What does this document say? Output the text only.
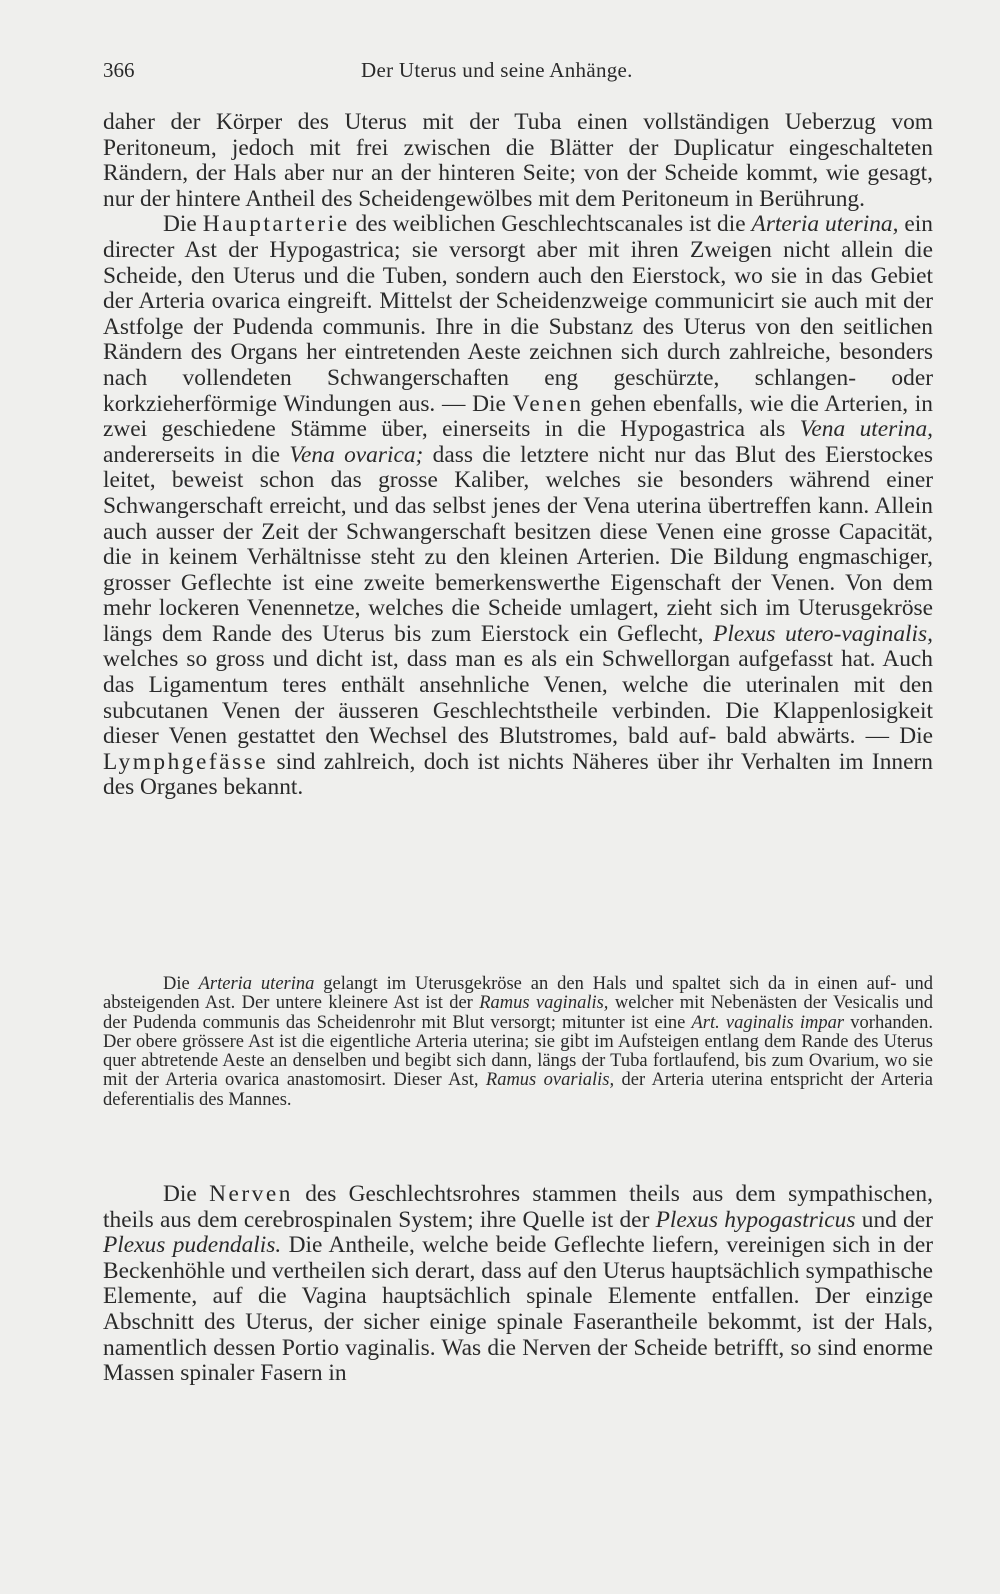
366	Der Uterus und seine Anhänge.

daher der Körper des Uterus mit der Tuba einen vollständigen Ueberzug vom Peritoneum, jedoch mit frei zwischen die Blätter der Duplicatur eingeschalteten Rändern, der Hals aber nur an der hinteren Seite; von der Scheide kommt, wie gesagt, nur der hintere Antheil des Scheidengewölbes mit dem Peritoneum in Berührung.

Die Hauptarterie des weiblichen Geschlechtscanales ist die Arteria uterina, ein directer Ast der Hypogastrica; sie versorgt aber mit ihren Zweigen nicht allein die Scheide, den Uterus und die Tuben, sondern auch den Eierstock, wo sie in das Gebiet der Arteria ovarica eingreift. Mittelst der Scheidenzweige communicirt sie auch mit der Astfolge der Pudenda communis. Ihre in die Substanz des Uterus von den seitlichen Rändern des Organs her eintretenden Aeste zeichnen sich durch zahlreiche, besonders nach vollendeten Schwangerschaften eng geschürzte, schlangen- oder korkzieherförmige Windungen aus. — Die Venen gehen ebenfalls, wie die Arterien, in zwei geschiedene Stämme über, einerseits in die Hypogastrica als Vena uterina, andererseits in die Vena ovarica; dass die letztere nicht nur das Blut des Eierstockes leitet, beweist schon das grosse Kaliber, welches sie besonders während einer Schwangerschaft erreicht, und das selbst jenes der Vena uterina übertreffen kann. Allein auch ausser der Zeit der Schwangerschaft besitzen diese Venen eine grosse Capacität, die in keinem Verhältnisse steht zu den kleinen Arterien. Die Bildung engmaschiger, grosser Geflechte ist eine zweite bemerkenswerthe Eigenschaft der Venen. Von dem mehr lockeren Venennetze, welches die Scheide umlagert, zieht sich im Uterusgekröse längs dem Rande des Uterus bis zum Eierstock ein Geflecht, Plexus utero-vaginalis, welches so gross und dicht ist, dass man es als ein Schwellorgan aufgefasst hat. Auch das Ligamentum teres enthält ansehnliche Venen, welche die uterinalen mit den subcutanen Venen der äusseren Geschlechtstheile verbinden. Die Klappenlosigkeit dieser Venen gestattet den Wechsel des Blutstromes, bald auf- bald abwärts. — Die Lymphgefässe sind zahlreich, doch ist nichts Näheres über ihr Verhalten im Innern des Organes bekannt.

Die Arteria uterina gelangt im Uterusgekröse an den Hals und spaltet sich da in einen auf- und absteigenden Ast. Der untere kleinere Ast ist der Ramus vaginalis, welcher mit Nebenästen der Vesicalis und der Pudenda communis das Scheidenrohr mit Blut versorgt; mitunter ist eine Art. vaginalis impar vorhanden. Der obere grössere Ast ist die eigentliche Arteria uterina; sie gibt im Aufsteigen entlang dem Rande des Uterus quer abtretende Aeste an denselben und begibt sich dann, längs der Tuba fortlaufend, bis zum Ovarium, wo sie mit der Arteria ovarica anastomosirt. Dieser Ast, Ramus ovarialis, der Arteria uterina entspricht der Arteria deferentialis des Mannes.

Die Nerven des Geschlechtsrohres stammen theils aus dem sympathischen, theils aus dem cerebrospinalen System; ihre Quelle ist der Plexus hypogastricus und der Plexus pudendalis. Die Antheile, welche beide Geflechte liefern, vereinigen sich in der Beckenhöhle und vertheilen sich derart, dass auf den Uterus hauptsächlich sympathische Elemente, auf die Vagina hauptsächlich spinale Elemente entfallen. Der einzige Abschnitt des Uterus, der sicher einige spinale Faserantheile bekommt, ist der Hals, namentlich dessen Portio vaginalis. Was die Nerven der Scheide betrifft, so sind enorme Massen spinaler Fasern in
